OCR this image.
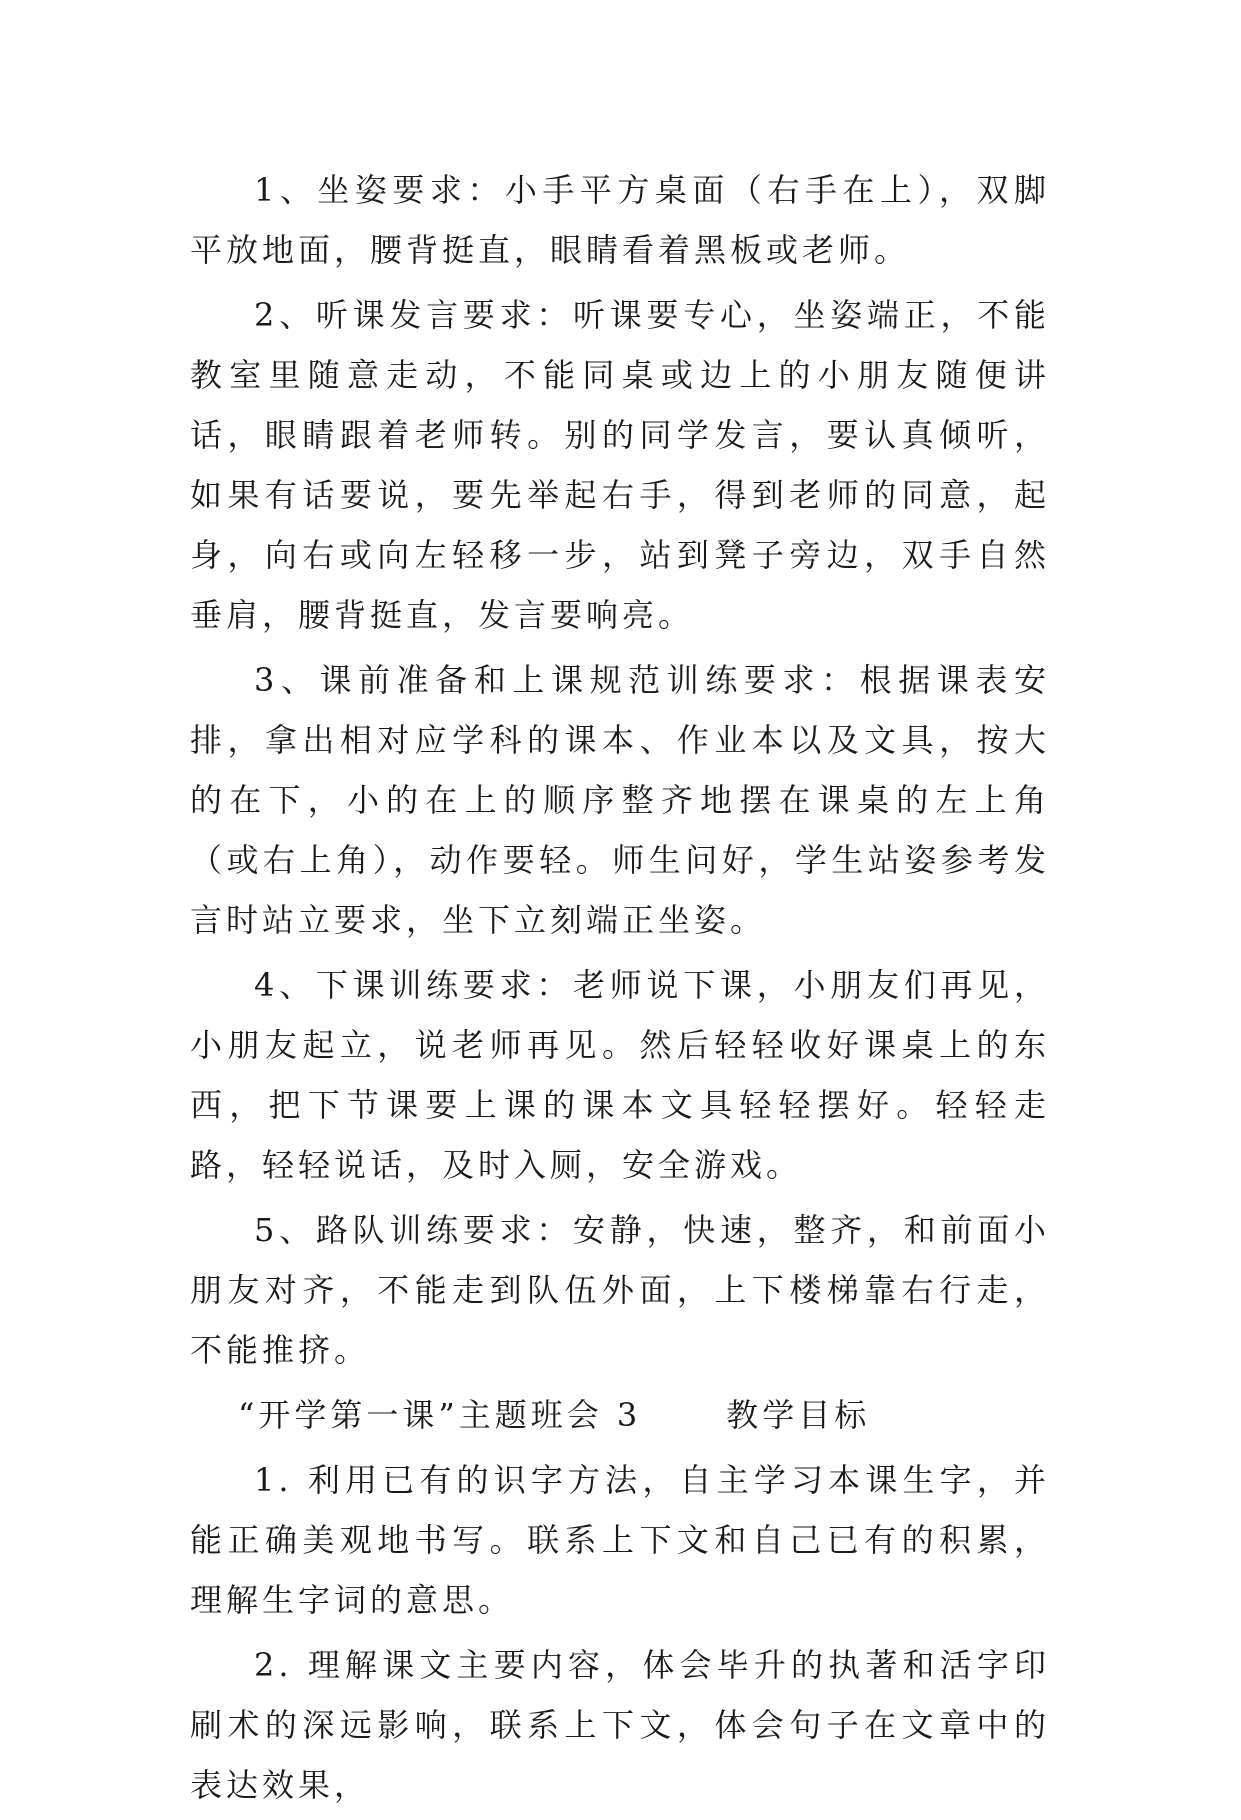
1、坐姿要求：小手平方桌面（右手在上），双脚平放地面，腰背挺直，眼睛看着黑板或老师。

2、听课发言要求：听课要专心，坐姿端正，不能教室里随意走动，不能同桌或边上的小朋友随便讲话，眼睛跟着老师转。别的同学发言，要认真倾听，如果有话要说，要先举起右手，得到老师的同意，起身，向右或向左轻移一步，站到凳子旁边，双手自然垂肩，腰背挺直，发言要响亮。

3、课前准备和上课规范训练要求：根据课表安排，拿出相对应学科的课本、作业本以及文具，按大的在下，小的在上的顺序整齐地摆在课桌的左上角（或右上角），动作要轻。师生问好，学生站姿参考发言时站立要求，坐下立刻端正坐姿。

4、下课训练要求：老师说下课，小朋友们再见，小朋友起立，说老师再见。然后轻轻收好课桌上的东西，把下节课要上课的课本文具轻轻摆好。轻轻走路，轻轻说话，及时入厕，安全游戏。

5、路队训练要求：安静，快速，整齐，和前面小朋友对齐，不能走到队伍外面，上下楼梯靠右行走，不能推挤。

“开学第一课”主题班会 3      教学目标

1. 利用已有的识字方法，自主学习本课生字，并能正确美观地书写。联系上下文和自己已有的积累，理解生字词的意思。

2. 理解课文主要内容，体会毕升的执著和活字印刷术的深远影响，联系上下文，体会句子在文章中的表达效果，
